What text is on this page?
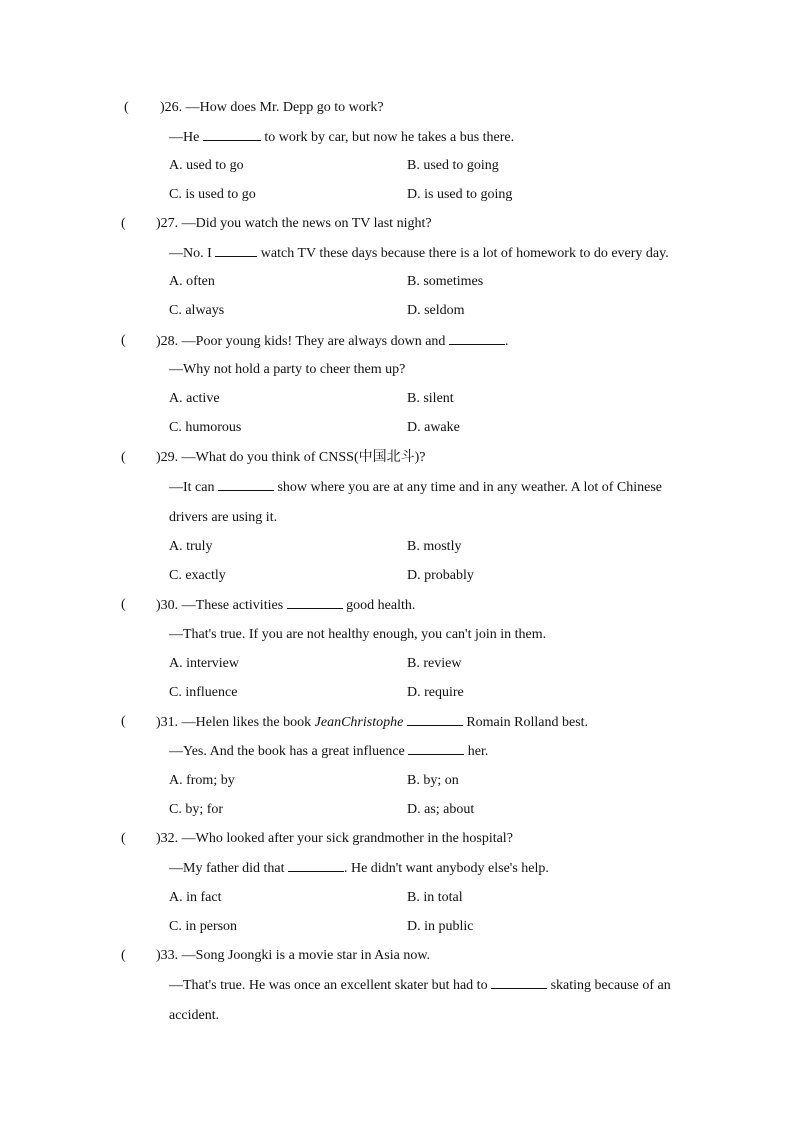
( )26. —How does Mr. Depp go to work?
—He	to work by car, but now he takes a bus there.
A. used to go	B. used to going
C. is used to go	D. is used to going
( )27. —Did you watch the news on TV last night?
—No. I	watch TV these days because there is a lot of homework to do every day.
A. often	B. sometimes
C. always	D. seldom
( )28. —Poor young kids! They are always down and	.
—Why not hold a party to cheer them up?
A. active	B. silent
C. humorous	D. awake
( )29. —What do you think of CNSS(中国北斗)?
—It can	show where you are at any time and in any weather. A lot of Chinese
drivers are using it.
A. truly	B. mostly
C. exactly	D. probably
( )30. —These activities	good health.
—That's true. If you are not healthy enough, you can't join in them.
A. interview	B. review
C. influence	D. require
( )31. —Helen likes the book JeanChristophe	Romain Rolland best.
—Yes. And the book has a great influence	her.
A. from; by	B. by; on
C. by; for	D. as; about
( )32. —Who looked after your sick grandmother in the hospital?
—My father did that	. He didn't want anybody else's help.
A. in fact	B. in total
C. in person	D. in public
( )33. —Song Joongki is a movie star in Asia now.
—That's true. He was once an excellent skater but had to	skating because of an
accident.
